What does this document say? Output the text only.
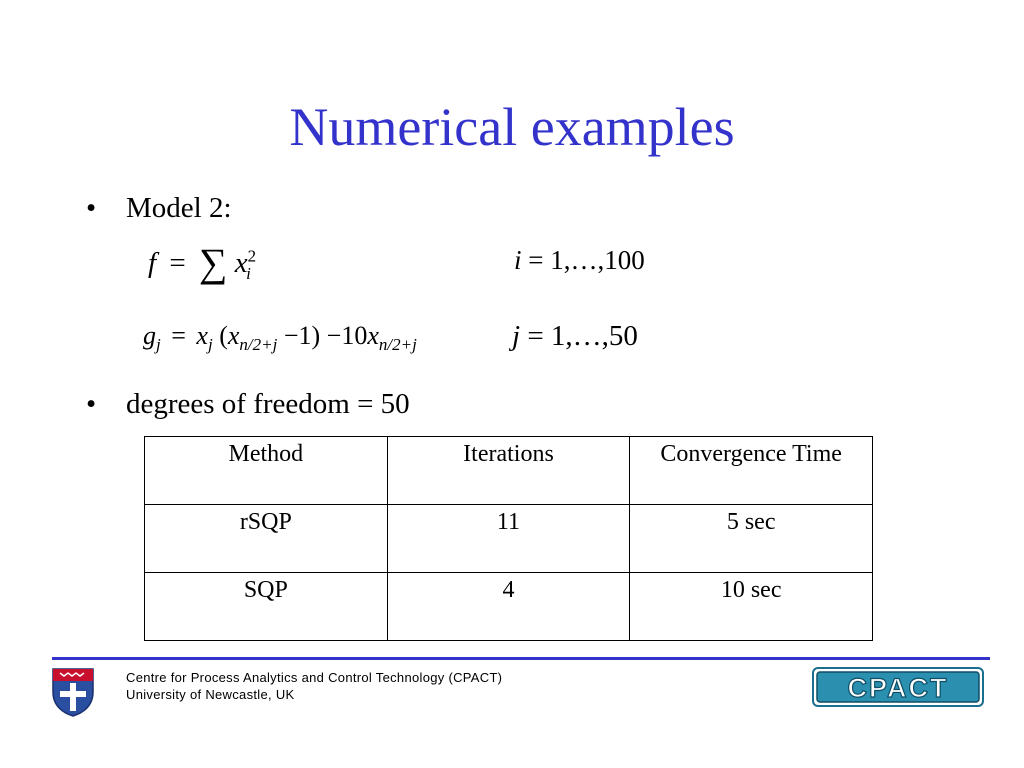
Numerical examples
• Model 2:
f = ∑ $x^2_i$	i = 1,…,100
$g_j = x_j$ $(x_{n/2+j} -1) -10x_{n/2+j}$	j = 1,…,50
• degrees of freedom = 50
Method	Iterations	Convergence Time
rSQP	11	5 sec
SQP	4	10 sec
Centre for Process Analytics and Control Technology (CPACT)
University of Newcastle, UK	CPACT
